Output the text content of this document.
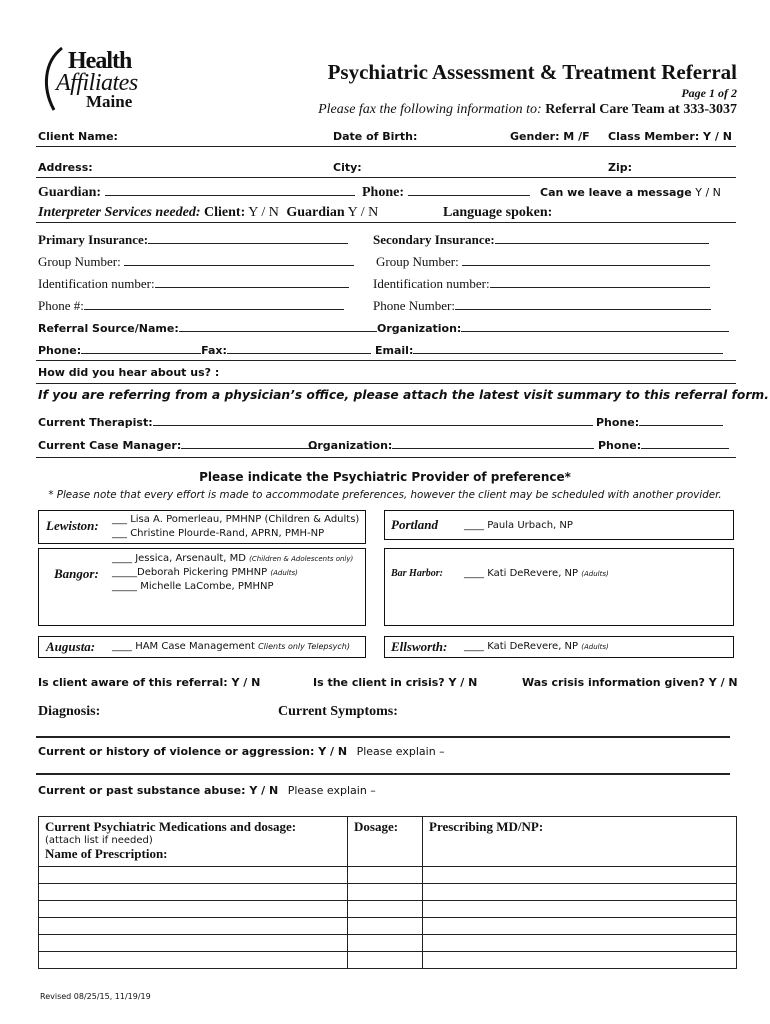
Health
Affiliates
Maine
Psychiatric Assessment & Treatment Referral
Page 1 of 2
Please fax the following information to: Referral Care Team at 333-3037
Client Name:	Date of Birth:	Gender: M /F Class Member: Y / N
Address:	City:	Zip:
Guardian:	Phone:	Can we leave a message Y / N
Interpreter Services needed: Client: Y / N Guardian Y / N	Language spoken:
Primary Insurance:	Secondary Insurance:
Group Number:	Group Number:
Identification number:	Identification number:
Phone #:	Phone Number:
Referral Source/Name:	Organization:
Phone:	Fax:	Email:
How did you hear about us? :
If you are referring from a physician’s office, please attach the latest visit summary to this referral form.
Current Therapist:	Phone:
Current Case Manager:	Organization:	Phone:
Please indicate the Psychiatric Provider of preference*
* Please note that every effort is made to accommodate preferences, however the client may be scheduled with another provider.
Lewiston: ___ Lisa A. Pomerleau, PMHNP (Children & Adults)
___ Christine Plourde-Rand, APRN, PMH-NP
Portland	____ Paula Urbach, NP
Bangor:
____ Jessica, Arsenault, MD (Children & Adolescents only)
_____Deborah Pickering PMHNP (Adults)
_____ Michelle LaCombe, PMHNP
Bar Harbor: ____ Kati DeRevere, NP (Adults)
Augusta: ____ HAM Case Management Clients only Telepsych)	Ellsworth: ____ Kati DeRevere, NP (Adults)
Is client aware of this referral: Y / N	Is the client in crisis? Y / N	Was crisis information given? Y / N
Diagnosis:	Current Symptoms:
Current or history of violence or aggression: Y / N Please explain –
Current or past substance abuse: Y / N Please explain –
Current Psychiatric Medications and dosage:
(attach list if needed)
Name of Prescription:	Dosage:	Prescribing MD/NP:

Revised 08/25/15, 11/19/19
